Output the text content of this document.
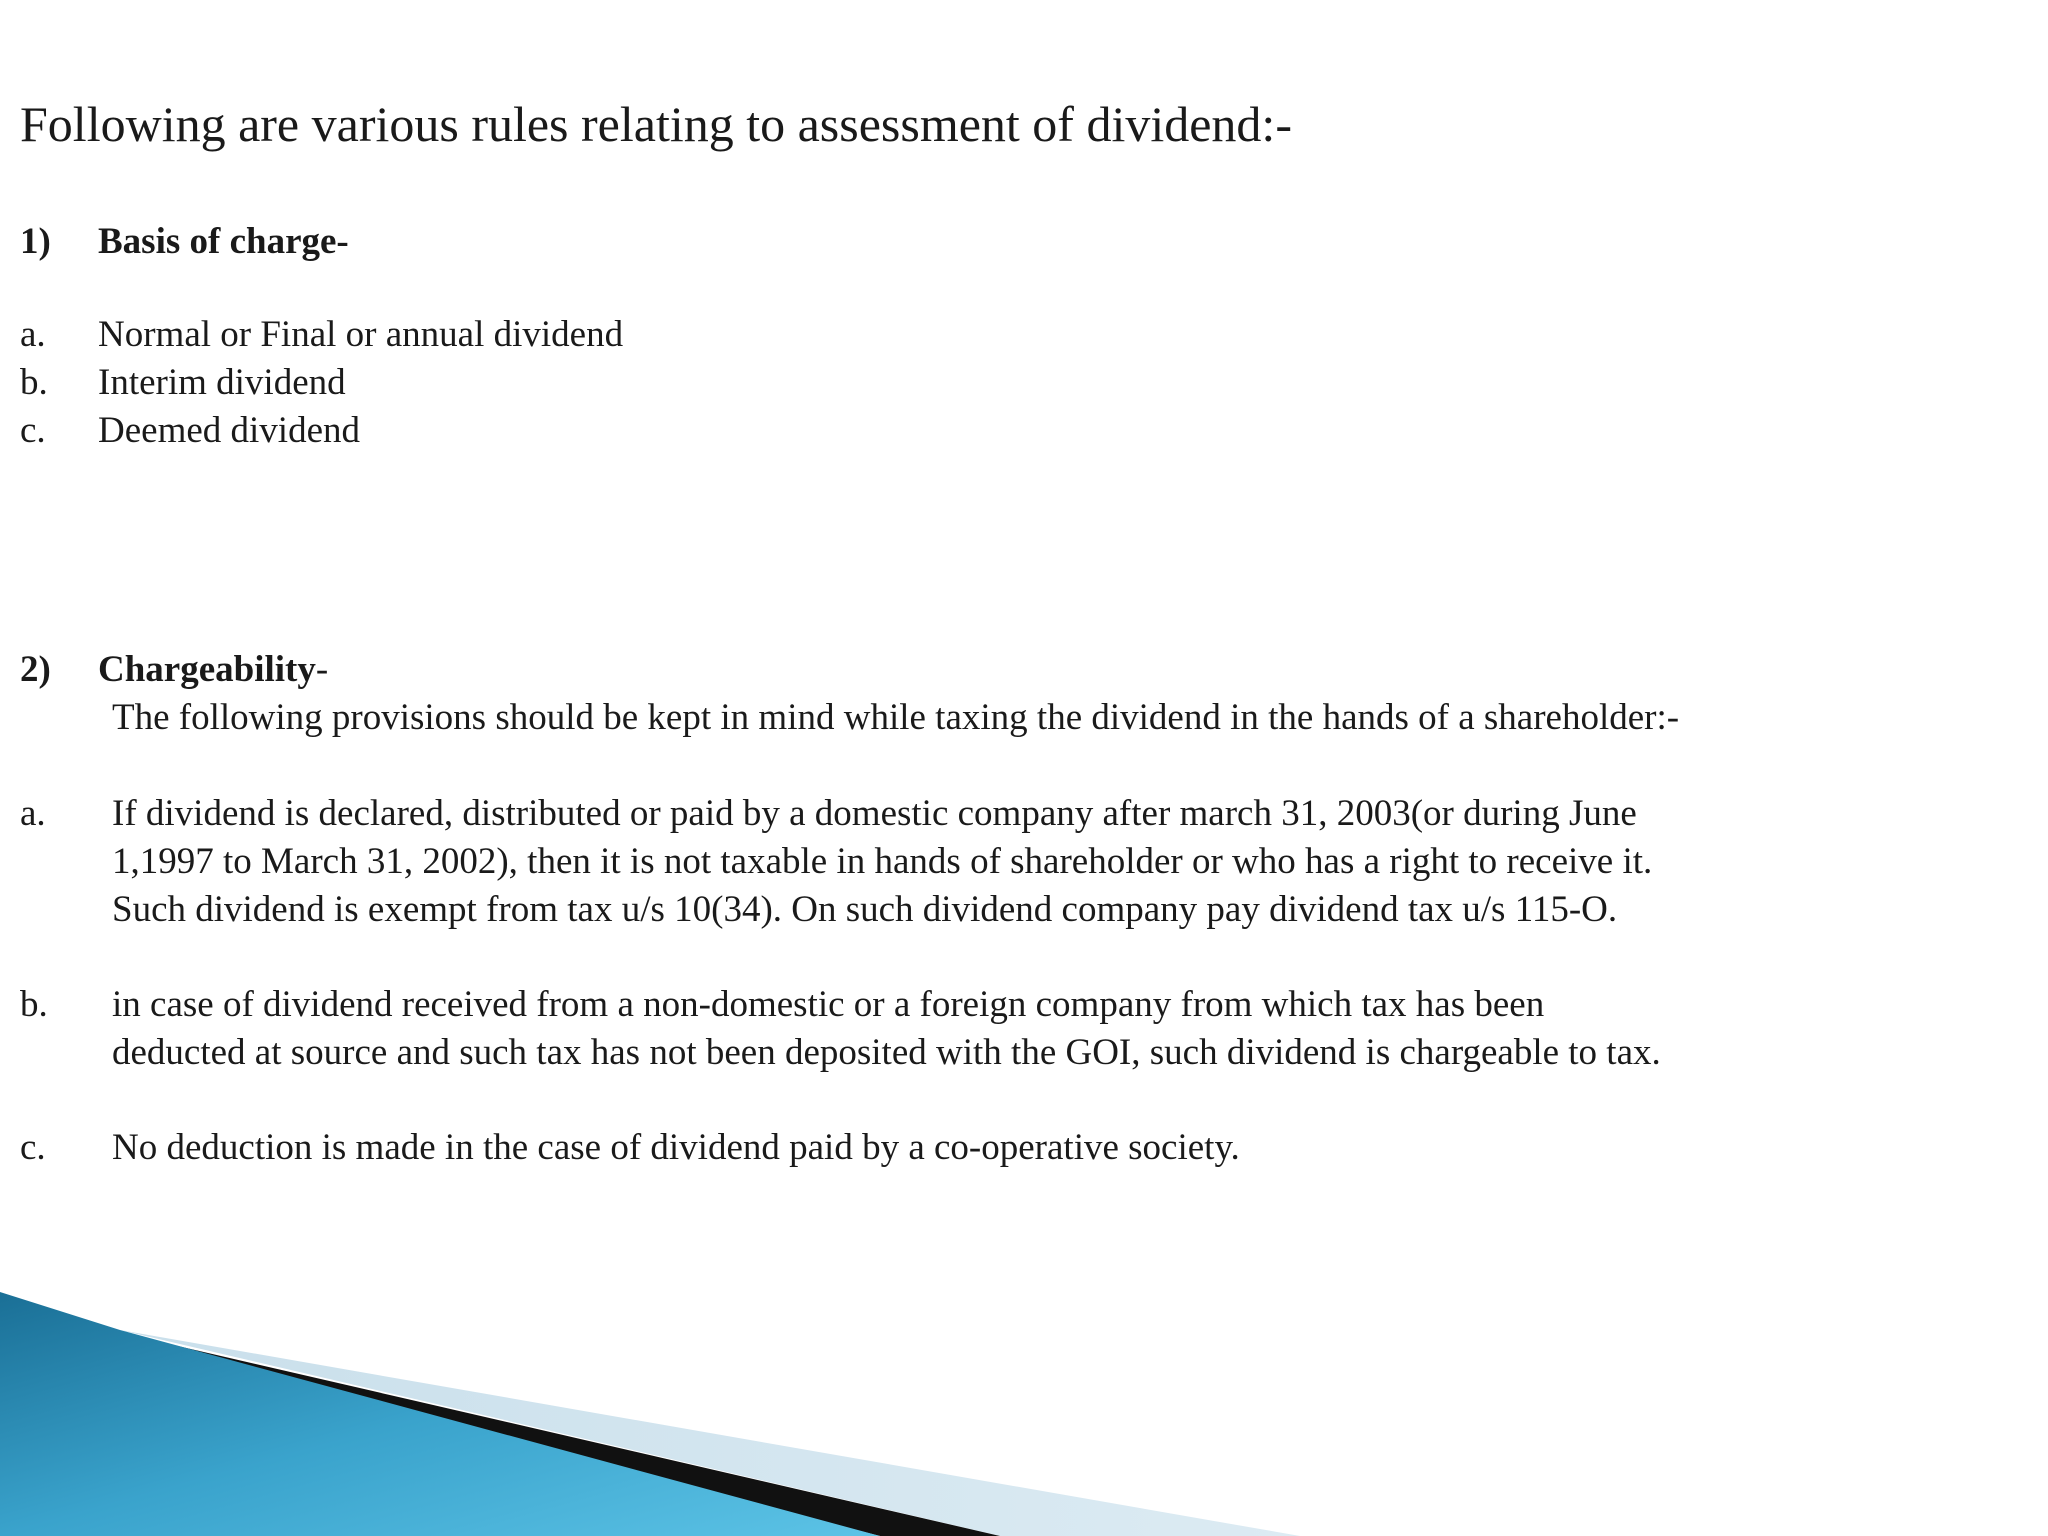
Following are various rules relating to assessment of dividend:-
1) Basis of charge-
a. Normal or Final or annual dividend
b. Interim dividend
c. Deemed dividend
2) Chargeability-
The following provisions should be kept in mind while taxing the dividend in the hands of a shareholder:-
a. If dividend is declared, distributed or paid by a domestic company after march 31, 2003(or during June
1,1997 to March 31, 2002), then it is not taxable in hands of shareholder or who has a right to receive it.
Such dividend is exempt from tax u/s 10(34). On such dividend company pay dividend tax u/s 115-O.
b. in case of dividend received from a non-domestic or a foreign company from which tax has been
deducted at source and such tax has not been deposited with the GOI, such dividend is chargeable to tax.
c. No deduction is made in the case of dividend paid by a co-operative society.
